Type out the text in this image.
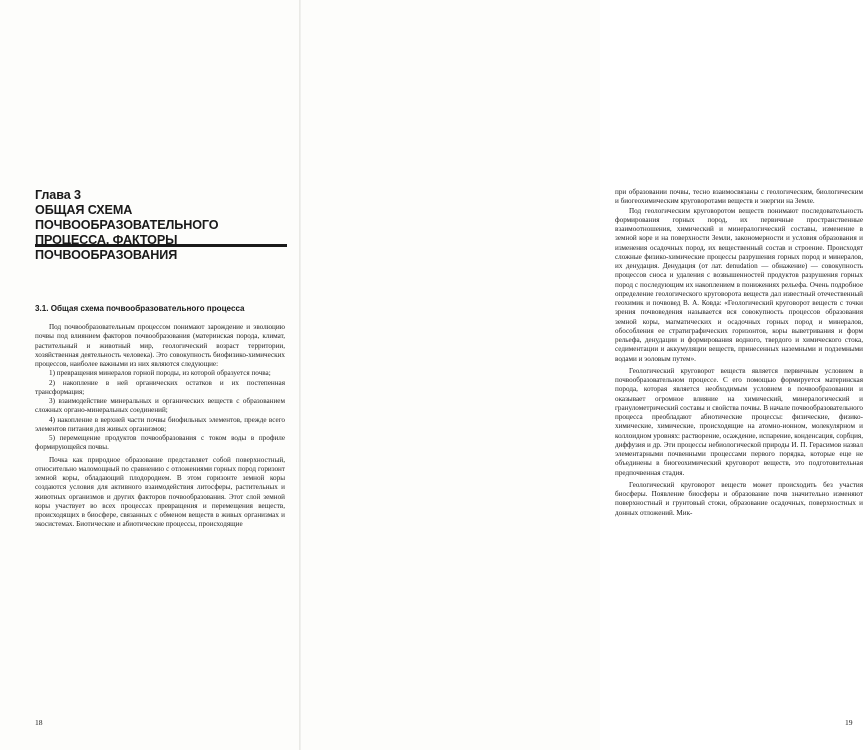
Глава 3
ОБЩАЯ СХЕМА ПОЧВООБРАЗОВАТЕЛЬНОГО ПРОЦЕССА. ФАКТОРЫ ПОЧВООБРАЗОВАНИЯ
3.1. Общая схема почвообразовательного процесса

Под почвообразовательным процессом понимают зарождение и эволюцию почвы под влиянием факторов почвообразования (материнская порода, климат, растительный и животный мир, геологический возраст территории, хозяйственная деятельность человека). Это совокупность биофизико-химических процессов, наиболее важными из них являются следующие:

1) превращения минералов горной породы, из которой образуется почва;

2) накопление в ней органических остатков и их постепенная трансформация;

3) взаимодействие минеральных и органических веществ с образованием сложных органо-минеральных соединений;

4) накопление в верхней части почвы биофильных элементов, прежде всего элементов питания для живых организмов;

5) перемещение продуктов почвообразования с током воды в профиле формирующейся почвы.

Почка как природное образование представляет собой поверхностный, относительно маломощный по сравнению с отложениями горных пород горизонт земной коры, обладающий плодородием. В этом горизонте земной коры создаются условия для активного взаимодействия литосферы, растительных и животных организмов и других факторов почвообразования. Этот слой земной коры участвует во всех процессах превращения и перемещения веществ, происходящих в биосфере, связанных с обменом веществ в живых организмах и экосистемах. Биотические и абиотические процессы, происходящие

18

при образовании почвы, тесно взаимосвязаны с геологическим, биологическим и биогеохимическим круговоротами веществ и энергии на Земле.

Под геологическим круговоротом веществ понимают последовательность формирования горных пород, их первичные пространственные взаимоотношения, химический и минералогический составы, изменение в земной коре и на поверхности Земли, закономерности и условия образования и изменения осадочных пород, их вещественный состав и строение. Происходят сложные физико-химические процессы разрушения горных пород и минералов, их денудация. Денудация (от лат. denudation — обнажение) — совокупность процессов сноса и удаления с возвышенностей продуктов разрушения горных пород с последующим их накоплением в понижениях рельефа. Очень подробное определение геологического круговорота веществ дал известный отечественный геохимик и почвовед В. А. Ковда: «Геологический круговорот веществ с точки зрения почвоведения называется вся совокупность процессов образования земной коры, магматических и осадочных горных пород и минералов, обособления ее стратиграфических горизонтов, коры выветривания и форм рельефа, денудации и формирования водного, твердого и химического стока, седиментации и аккумуляции веществ, принесенных наземными и подземными водами и эоловым путем».

Геологический круговорот веществ является первичным условием в почвообразовательном процессе. С его помощью формируется материнская порода, которая является необходимым условием в почвообразовании и оказывает огромное влияние на химический, минералогический и гранулометрический составы и свойства почвы. В начале почвообразовательного процесса преобладают абиотические процессы: физические, физико-химические, химические, происходящие на атомно-ионном, молекулярном и коллоидном уровнях: растворение, осаждение, испарение, конденсация, сорбция, диффузия и др. Эти процессы небиологической природы И. П. Герасимов назвал элементарными почвенными процессами первого порядка, которые еще не объединены в биогеохимический круговорот веществ, это подготовительная предпочвенная стадия.

Геологический круговорот веществ может происходить без участия биосферы. Появление биосферы и образование почв значительно изменяют поверхностный и грунтовый стоки, образование осадочных, поверхностных и донных отложений. Мик-

19
